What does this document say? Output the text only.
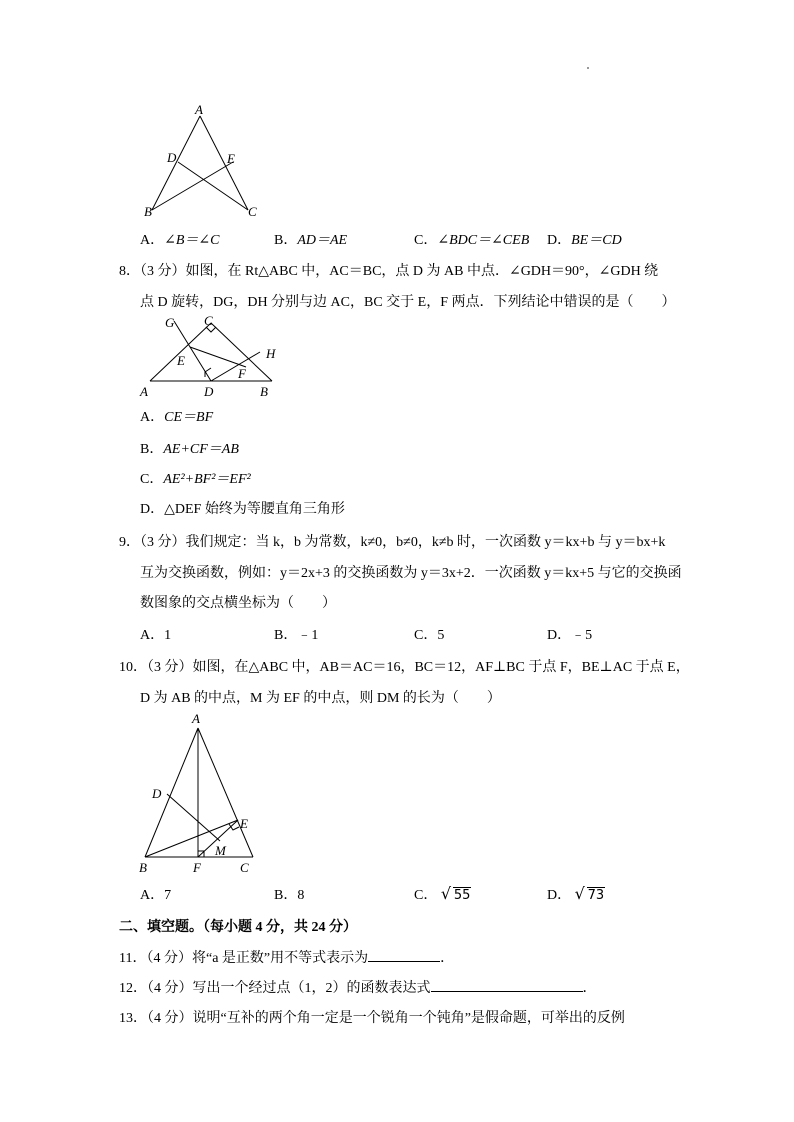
A
D	E
B	C
A．∠B＝∠C	B．AD＝AE	C．∠BDC＝∠CEB D．BE＝CD
8．（3 分）如图，在 Rt△ABC 中，AC＝BC，点 D 为 AB 中点．∠GDH＝90°，∠GDH 绕
点 D 旋转，DG，DH 分别与边 AC，BC 交于 E，F 两点．下列结论中错误的是（　　）
G C
H
E
F
A	D	B
A．CE＝BF
B．AE+CF＝AB
C．AE²+BF²＝EF²
D．△DEF 始终为等腰直角三角形
9．（3 分）我们规定：当 k，b 为常数，k≠0，b≠0，k≠b 时，一次函数 y＝kx+b 与 y＝bx+k
互为交换函数，例如：y＝2x+3 的交换函数为 y＝3x+2．一次函数 y＝kx+5 与它的交换函
数图象的交点横坐标为（　　）
A．1	B．﹣1	C．5	D．﹣5
10．（3 分）如图，在△ABC 中，AB＝AC＝16，BC＝12，AF⊥BC 于点 F，BE⊥AC 于点 E，
D 为 AB 的中点，M 为 EF 的中点，则 DM 的长为（　　）
A
D
E
M
B	F	C
A．7	B．8	C． √ 55	D． √ 73
二、填空题。（每小题 4 分，共 24 分）
11．（4 分）将“a 是正数”用不等式表示为	．
12．（4 分）写出一个经过点（1，2）的函数表达式	．
13．（4 分）说明“互补的两个角一定是一个锐角一个钝角”是假命题，可举出的反例
